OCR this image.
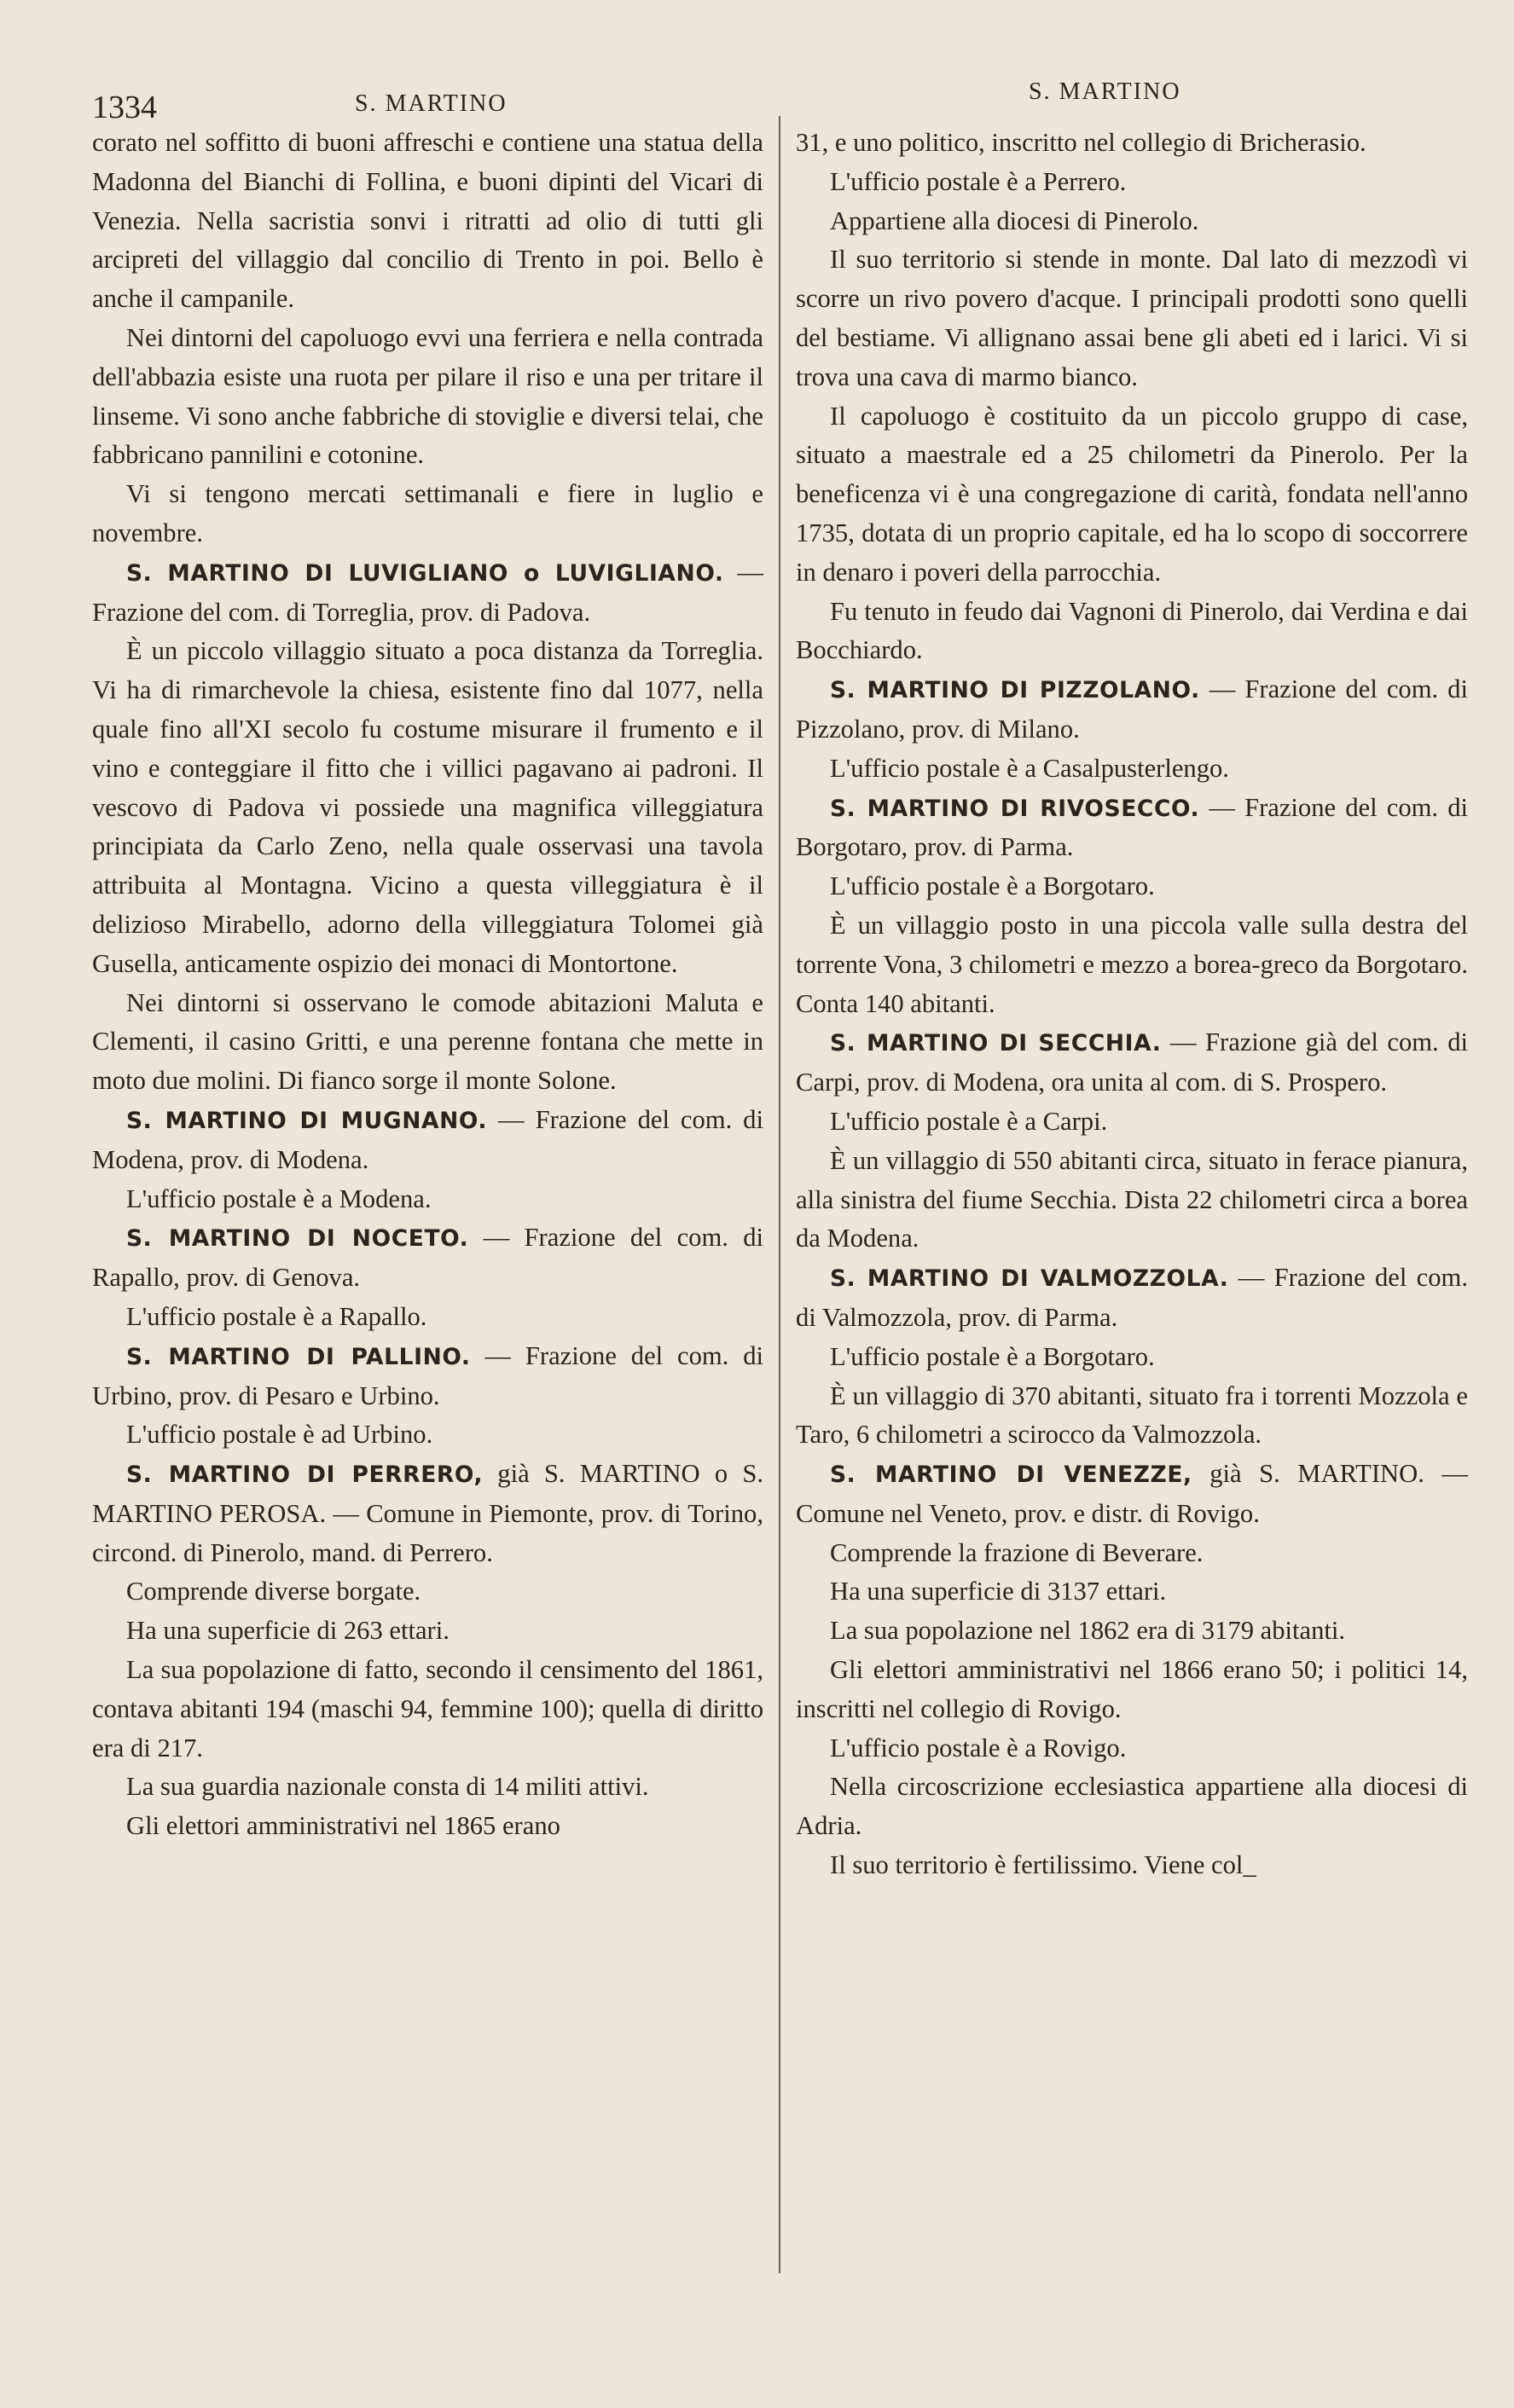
1334	S. MARTINO	S. MARTINO

corato nel soffitto di buoni affreschi e contiene una statua della Madonna del Bianchi di Follina, e buoni dipinti del Vicari di Venezia. Nella sacristia sonvi i ritratti ad olio di tutti gli arcipreti del villaggio dal concilio di Trento in poi. Bello è anche il campanile.

Nei dintorni del capoluogo evvi una ferriera e nella contrada dell'abbazia esiste una ruota per pilare il riso e una per tritare il linseme. Vi sono anche fabbriche di stoviglie e diversi telai, che fabbricano pannilini e cotonine.

Vi si tengono mercati settimanali e fiere in luglio e novembre.

S. MARTINO DI LUVIGLIANO o LUVIGLIANO. — Frazione del com. di Torreglia, prov. di Padova.

È un piccolo villaggio situato a poca distanza da Torreglia. Vi ha di rimarchevole la chiesa, esistente fino dal 1077, nella quale fino all'XI secolo fu costume misurare il frumento e il vino e conteggiare il fitto che i villici pagavano ai padroni. Il vescovo di Padova vi possiede una magnifica villeggiatura principiata da Carlo Zeno, nella quale osservasi una tavola attribuita al Montagna. Vicino a questa villeggiatura è il delizioso Mirabello, adorno della villeggiatura Tolomei già Gusella, anticamente ospizio dei monaci di Montortone.

Nei dintorni si osservano le comode abitazioni Maluta e Clementi, il casino Gritti, e una perenne fontana che mette in moto due molini. Di fianco sorge il monte Solone.

S. MARTINO DI MUGNANO. — Frazione del com. di Modena, prov. di Modena.

L'ufficio postale è a Modena.

S. MARTINO DI NOCETO. — Frazione del com. di Rapallo, prov. di Genova.

L'ufficio postale è a Rapallo.

S. MARTINO DI PALLINO. — Frazione del com. di Urbino, prov. di Pesaro e Urbino.

L'ufficio postale è ad Urbino.

S. MARTINO DI PERRERO, già S. MARTINO o S. MARTINO PEROSA. — Comune in Piemonte, prov. di Torino, circond. di Pinerolo, mand. di Perrero.

Comprende diverse borgate.

Ha una superficie di 263 ettari.

La sua popolazione di fatto, secondo il censimento del 1861, contava abitanti 194 (maschi 94, femmine 100); quella di diritto era di 217.

La sua guardia nazionale consta di 14 militi attivi.

Gli elettori amministrativi nel 1865 erano

31, e uno politico, inscritto nel collegio di Bricherasio.

L'ufficio postale è a Perrero.

Appartiene alla diocesi di Pinerolo.

Il suo territorio si stende in monte. Dal lato di mezzodì vi scorre un rivo povero d'acque. I principali prodotti sono quelli del bestiame. Vi allignano assai bene gli abeti ed i larici. Vi si trova una cava di marmo bianco.

Il capoluogo è costituito da un piccolo gruppo di case, situato a maestrale ed a 25 chilometri da Pinerolo. Per la beneficenza vi è una congregazione di carità, fondata nell'anno 1735, dotata di un proprio capitale, ed ha lo scopo di soccorrere in denaro i poveri della parrocchia.

Fu tenuto in feudo dai Vagnoni di Pinerolo, dai Verdina e dai Bocchiardo.

S. MARTINO DI PIZZOLANO. — Frazione del com. di Pizzolano, prov. di Milano.

L'ufficio postale è a Casalpusterlengo.

S. MARTINO DI RIVOSECCO. — Frazione del com. di Borgotaro, prov. di Parma.

L'ufficio postale è a Borgotaro.

È un villaggio posto in una piccola valle sulla destra del torrente Vona, 3 chilometri e mezzo a borea-greco da Borgotaro. Conta 140 abitanti.

S. MARTINO DI SECCHIA. — Frazione già del com. di Carpi, prov. di Modena, ora unita al com. di S. Prospero.

L'ufficio postale è a Carpi.

È un villaggio di 550 abitanti circa, situato in ferace pianura, alla sinistra del fiume Secchia. Dista 22 chilometri circa a borea da Modena.

S. MARTINO DI VALMOZZOLA. — Frazione del com. di Valmozzola, prov. di Parma.

L'ufficio postale è a Borgotaro.

È un villaggio di 370 abitanti, situato fra i torrenti Mozzola e Taro, 6 chilometri a scirocco da Valmozzola.

S. MARTINO DI VENEZZE, già S. MARTINO. — Comune nel Veneto, prov. e distr. di Rovigo.

Comprende la frazione di Beverare.

Ha una superficie di 3137 ettari.

La sua popolazione nel 1862 era di 3179 abitanti.

Gli elettori amministrativi nel 1866 erano 50; i politici 14, inscritti nel collegio di Rovigo.

L'ufficio postale è a Rovigo.

Nella circoscrizione ecclesiastica appartiene alla diocesi di Adria.

Il suo territorio è fertilissimo. Viene col_
